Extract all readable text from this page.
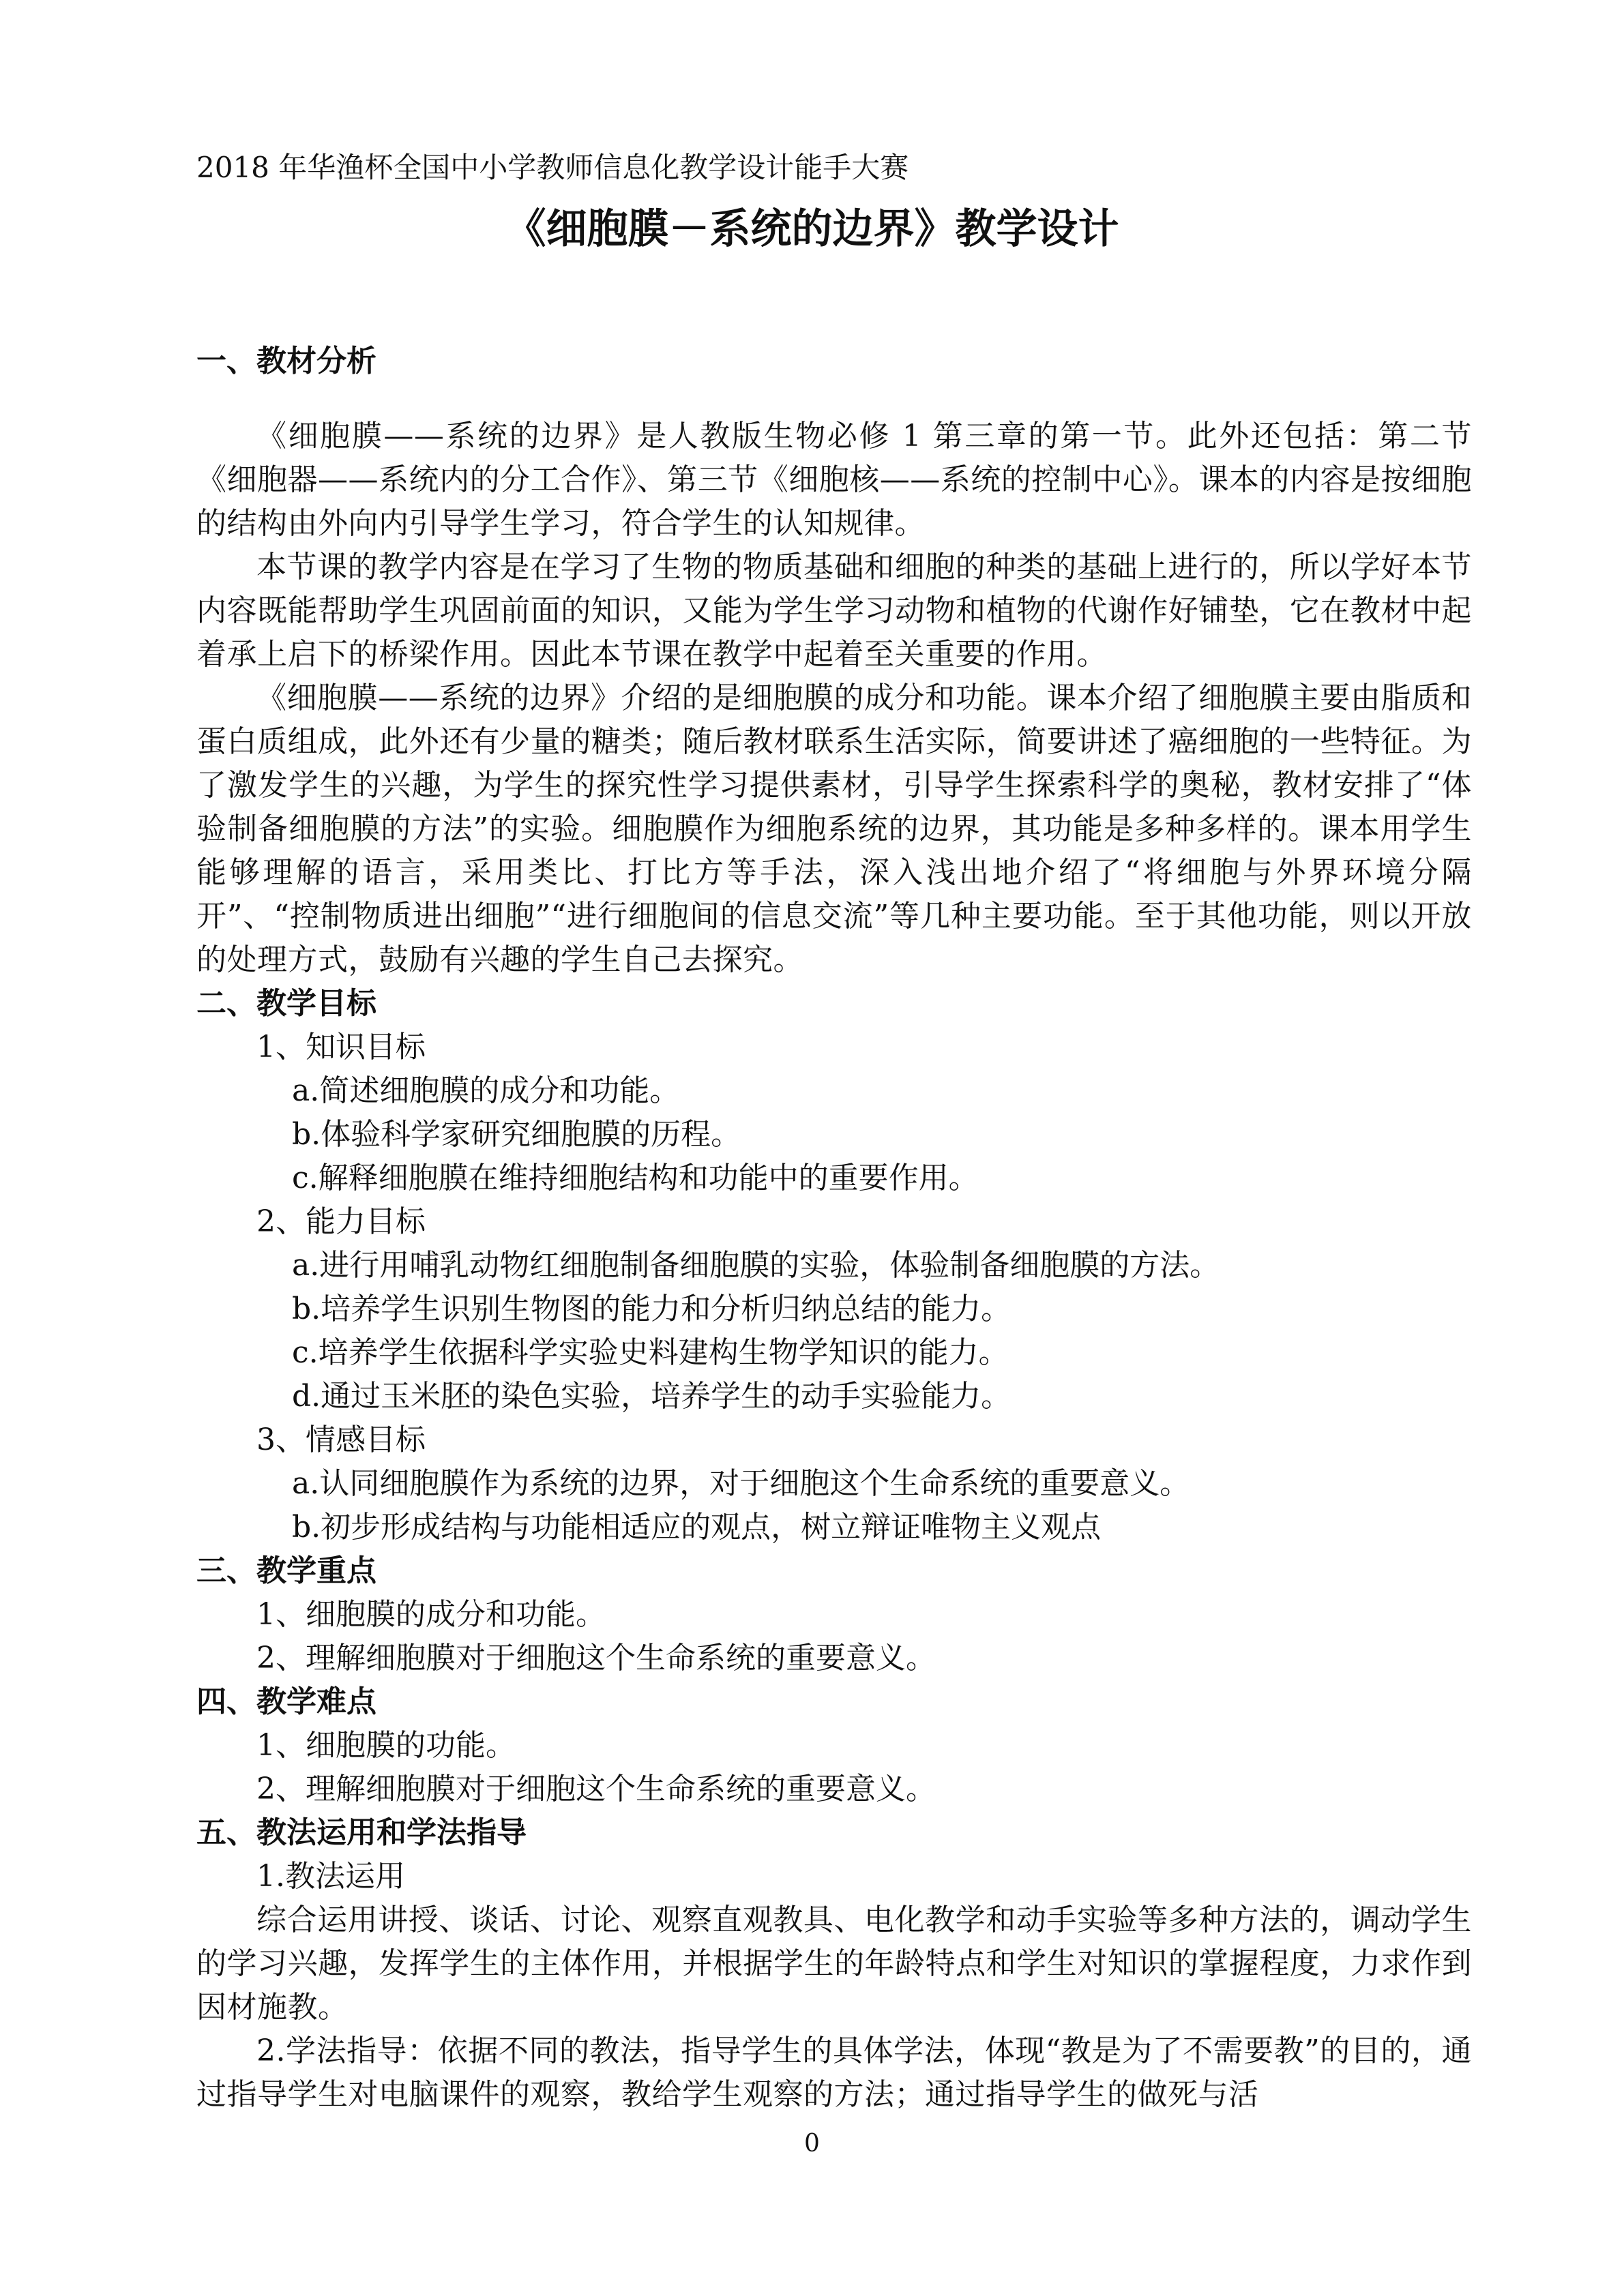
2018 年华渔杯全国中小学教师信息化教学设计能手大赛
《细胞膜－系统的边界》教学设计
一、教材分析
《细胞膜——系统的边界》是人教版生物必修 1 第三章的第一节。此外还包括：第二节《细胞器——系统内的分工合作》、第三节《细胞核——系统的控制中心》。课本的内容是按细胞的结构由外向内引导学生学习，符合学生的认知规律。
本节课的教学内容是在学习了生物的物质基础和细胞的种类的基础上进行的，所以学好本节内容既能帮助学生巩固前面的知识，又能为学生学习动物和植物的代谢作好铺垫，它在教材中起着承上启下的桥梁作用。因此本节课在教学中起着至关重要的作用。
《细胞膜——系统的边界》介绍的是细胞膜的成分和功能。课本介绍了细胞膜主要由脂质和蛋白质组成，此外还有少量的糖类；随后教材联系生活实际，简要讲述了癌细胞的一些特征。为了激发学生的兴趣，为学生的探究性学习提供素材，引导学生探索科学的奥秘，教材安排了“体验制备细胞膜的方法”的实验。细胞膜作为细胞系统的边界，其功能是多种多样的。课本用学生能够理解的语言，采用类比、打比方等手法，深入浅出地介绍了“将细胞与外界环境分隔开”、“控制物质进出细胞”“进行细胞间的信息交流”等几种主要功能。至于其他功能，则以开放的处理方式，鼓励有兴趣的学生自己去探究。
二、教学目标
1、知识目标
a.简述细胞膜的成分和功能。
b.体验科学家研究细胞膜的历程。
c.解释细胞膜在维持细胞结构和功能中的重要作用。
2、能力目标
a.进行用哺乳动物红细胞制备细胞膜的实验，体验制备细胞膜的方法。
b.培养学生识别生物图的能力和分析归纳总结的能力。
c.培养学生依据科学实验史料建构生物学知识的能力。
d.通过玉米胚的染色实验，培养学生的动手实验能力。
3、情感目标
a.认同细胞膜作为系统的边界，对于细胞这个生命系统的重要意义。
b.初步形成结构与功能相适应的观点，树立辩证唯物主义观点
三、教学重点
1、细胞膜的成分和功能。
2、理解细胞膜对于细胞这个生命系统的重要意义。
四、教学难点
1、细胞膜的功能。
2、理解细胞膜对于细胞这个生命系统的重要意义。
五、教法运用和学法指导
1.教法运用
综合运用讲授、谈话、讨论、观察直观教具、电化教学和动手实验等多种方法的，调动学生的学习兴趣，发挥学生的主体作用，并根据学生的年龄特点和学生对知识的掌握程度，力求作到因材施教。
2.学法指导：依据不同的教法，指导学生的具体学法，体现“教是为了不需要教”的目的，通过指导学生对电脑课件的观察，教给学生观察的方法；通过指导学生的做死与活
0
